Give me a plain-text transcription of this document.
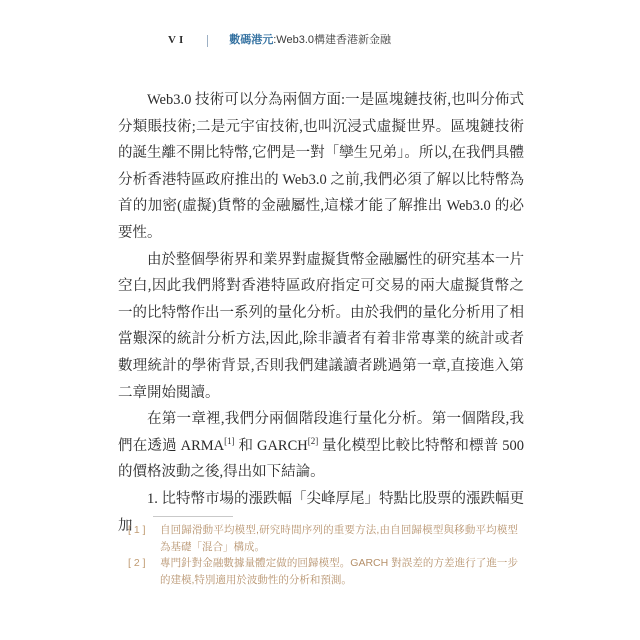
VI	數碼港元:Web3.0構建香港新金融

Web3.0 技術可以分為兩個方面:一是區塊鏈技術,也叫分佈式分類賬技術;二是元宇宙技術,也叫沉浸式虛擬世界。區塊鏈技術的誕生離不開比特幣,它們是一對「孿生兄弟」。所以,在我們具體分析香港特區政府推出的 Web3.0 之前,我們必須了解以比特幣為首的加密(虛擬)貨幣的金融屬性,這樣才能了解推出 Web3.0 的必要性。

由於整個學術界和業界對虛擬貨幣金融屬性的研究基本一片空白,因此我們將對香港特區政府指定可交易的兩大虛擬貨幣之一的比特幣作出一系列的量化分析。由於我們的量化分析用了相當艱深的統計分析方法,因此,除非讀者有着非常專業的統計或者數理統計的學術背景,否則我們建議讀者跳過第一章,直接進入第二章開始閱讀。

在第一章裡,我們分兩個階段進行量化分析。第一個階段,我們在透過 ARMA[1] 和 GARCH[2] 量化模型比較比特幣和標普 500 的價格波動之後,得出如下結論。

1. 比特幣市場的漲跌幅「尖峰厚尾」特點比股票的漲跌幅更加

[ 1 ]	自回歸滑動平均模型,研究時間序列的重要方法,由自回歸模型與移動平均模型為基礎「混合」構成。
[ 2 ]	專門針對金融數據量體定做的回歸模型。GARCH 對誤差的方差進行了進一步的建模,特別適用於波動性的分析和預測。
